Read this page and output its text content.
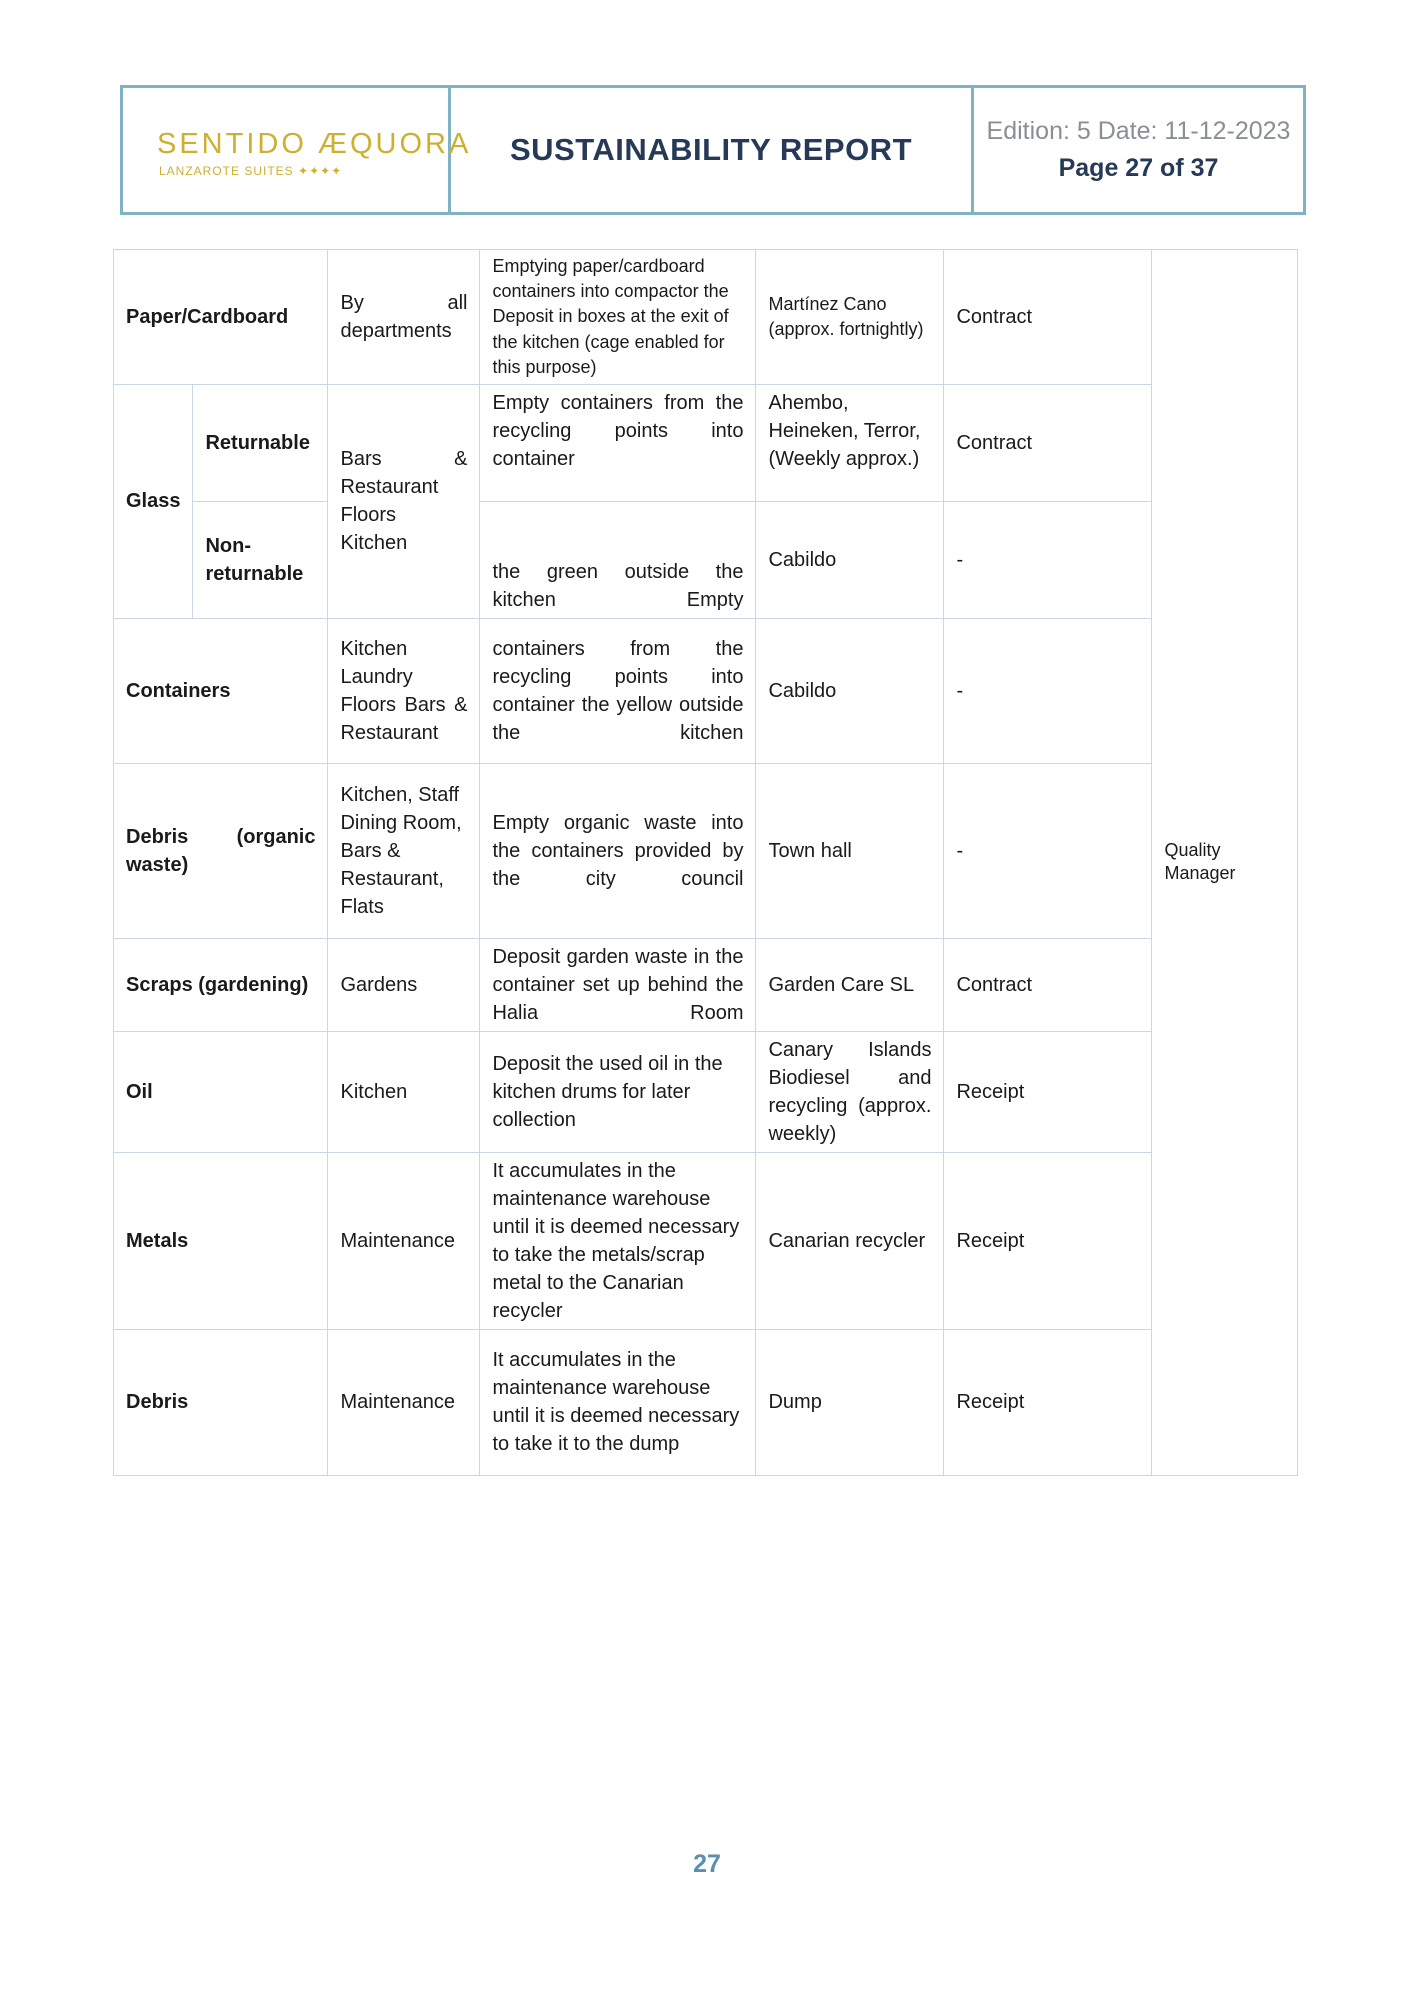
SENTIDO ÆQUORA
LANZAROTE SUITES ✦✦✦✦
SUSTAINABILITY REPORT
Edition: 5 Date: 11-12-2023
Page 27 of 37
Paper/Cardboard		By all departments	Emptying paper/cardboard containers into compactor the Deposit in boxes at the exit of the kitchen (cage enabled for this purpose)	Martínez Cano (approx. fortnightly)	Contract	Quality Manager
Glass	Returnable	Bars & Restaurant Floors Kitchen	Empty containers from the recycling points into container	Ahembo, Heineken, Terror, (Weekly approx.)	Contract	
	Non-returnable		the green outside the kitchen Empty	Cabildo	-	
Containers		Kitchen Laundry Floors Bars & Restaurant	containers from the recycling points into container the yellow outside the kitchen	Cabildo	-	
Debris (organic waste)		Kitchen, Staff Dining Room, Bars & Restaurant, Flats	Empty organic waste into the containers provided by the city council	Town hall	-	
Scraps (gardening)		Gardens	Deposit garden waste in the container set up behind the Halia Room	Garden Care SL	Contract	
Oil		Kitchen	Deposit the used oil in the kitchen drums for later collection	Canary Islands Biodiesel and recycling (approx. weekly)	Receipt	
Metals		Maintenance	It accumulates in the maintenance warehouse until it is deemed necessary to take the metals/scrap metal to the Canarian recycler	Canarian recycler	Receipt	
Debris		Maintenance	It accumulates in the maintenance warehouse until it is deemed necessary to take it to the dump	Dump	Receipt	
27
